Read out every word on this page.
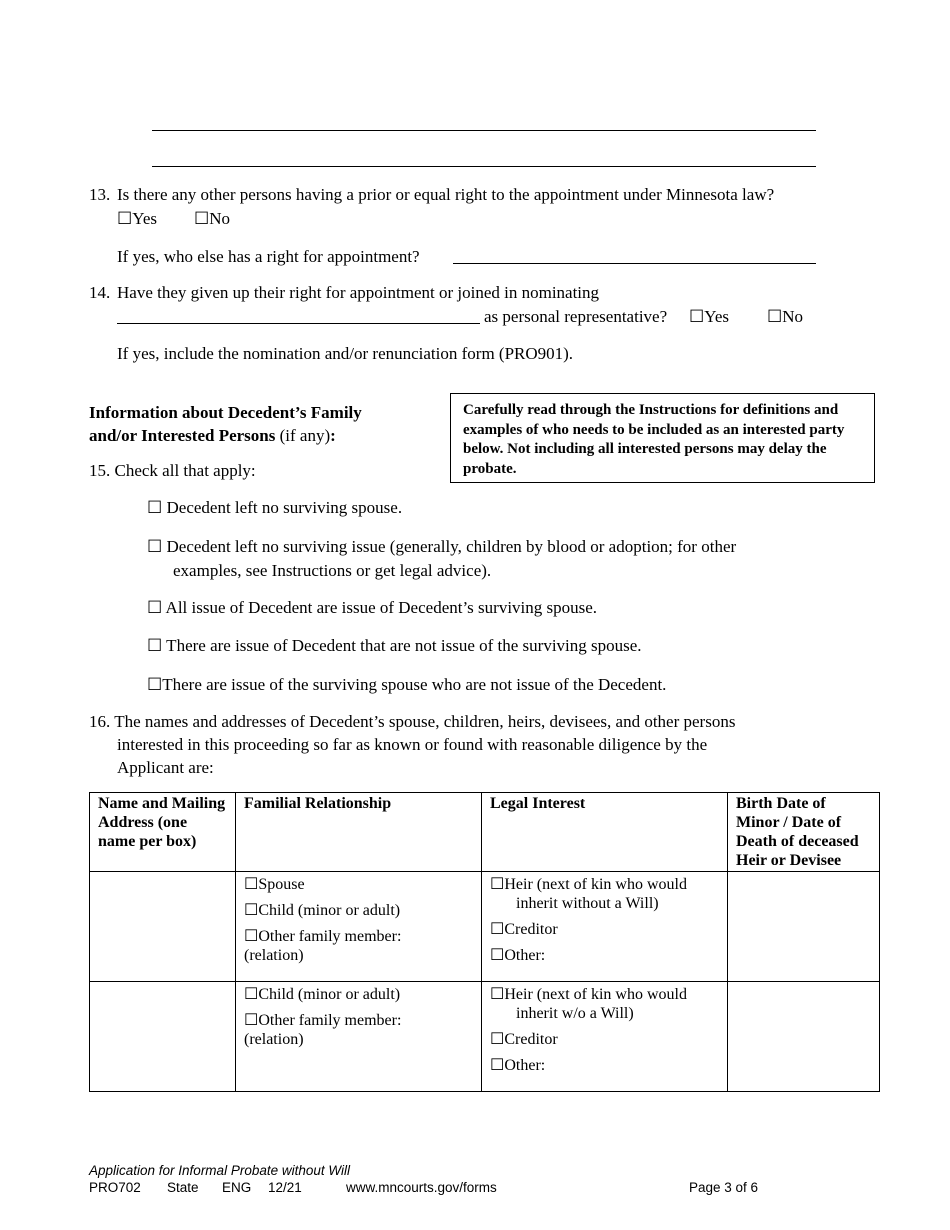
13. Is there any other persons having a prior or equal right to the appointment under Minnesota law?
☐Yes ☐No
If yes, who else has a right for appointment?
14. Have they given up their right for appointment or joined in nominating
as personal representative? ☐Yes ☐No
If yes, include the nomination and/or renunciation form (PRO901).
Information about Decedent’s Family
and/or Interested Persons (if any):
Carefully read through the Instructions for definitions and examples of who needs to be included as an interested party below. Not including all interested persons may delay the probate.
15. Check all that apply:
☐ Decedent left no surviving spouse.
☐ Decedent left no surviving issue (generally, children by blood or adoption; for other
examples, see Instructions or get legal advice).
☐ All issue of Decedent are issue of Decedent’s surviving spouse.
☐ There are issue of Decedent that are not issue of the surviving spouse.
☐There are issue of the surviving spouse who are not issue of the Decedent.
16. The names and addresses of Decedent’s spouse, children, heirs, devisees, and other persons
interested in this proceeding so far as known or found with reasonable diligence by the
Applicant are:
Name and Mailing Address (one name per box)	Familial Relationship	Legal Interest	Birth Date of Minor / Date of Death of deceased Heir or Devisee

	☐Spouse
☐Child (minor or adult)
☐Other family member: (relation)	☐Heir (next of kin who would
inherit without a Will)
☐Creditor
☐Other:	

	☐Child (minor or adult)
☐Other family member: (relation)	☐Heir (next of kin who would
inherit w/o a Will)
☐Creditor
☐Other:	

Application for Informal Probate without Will
PRO702 State ENG 12/21	www.mncourts.gov/forms	Page 3 of 6
